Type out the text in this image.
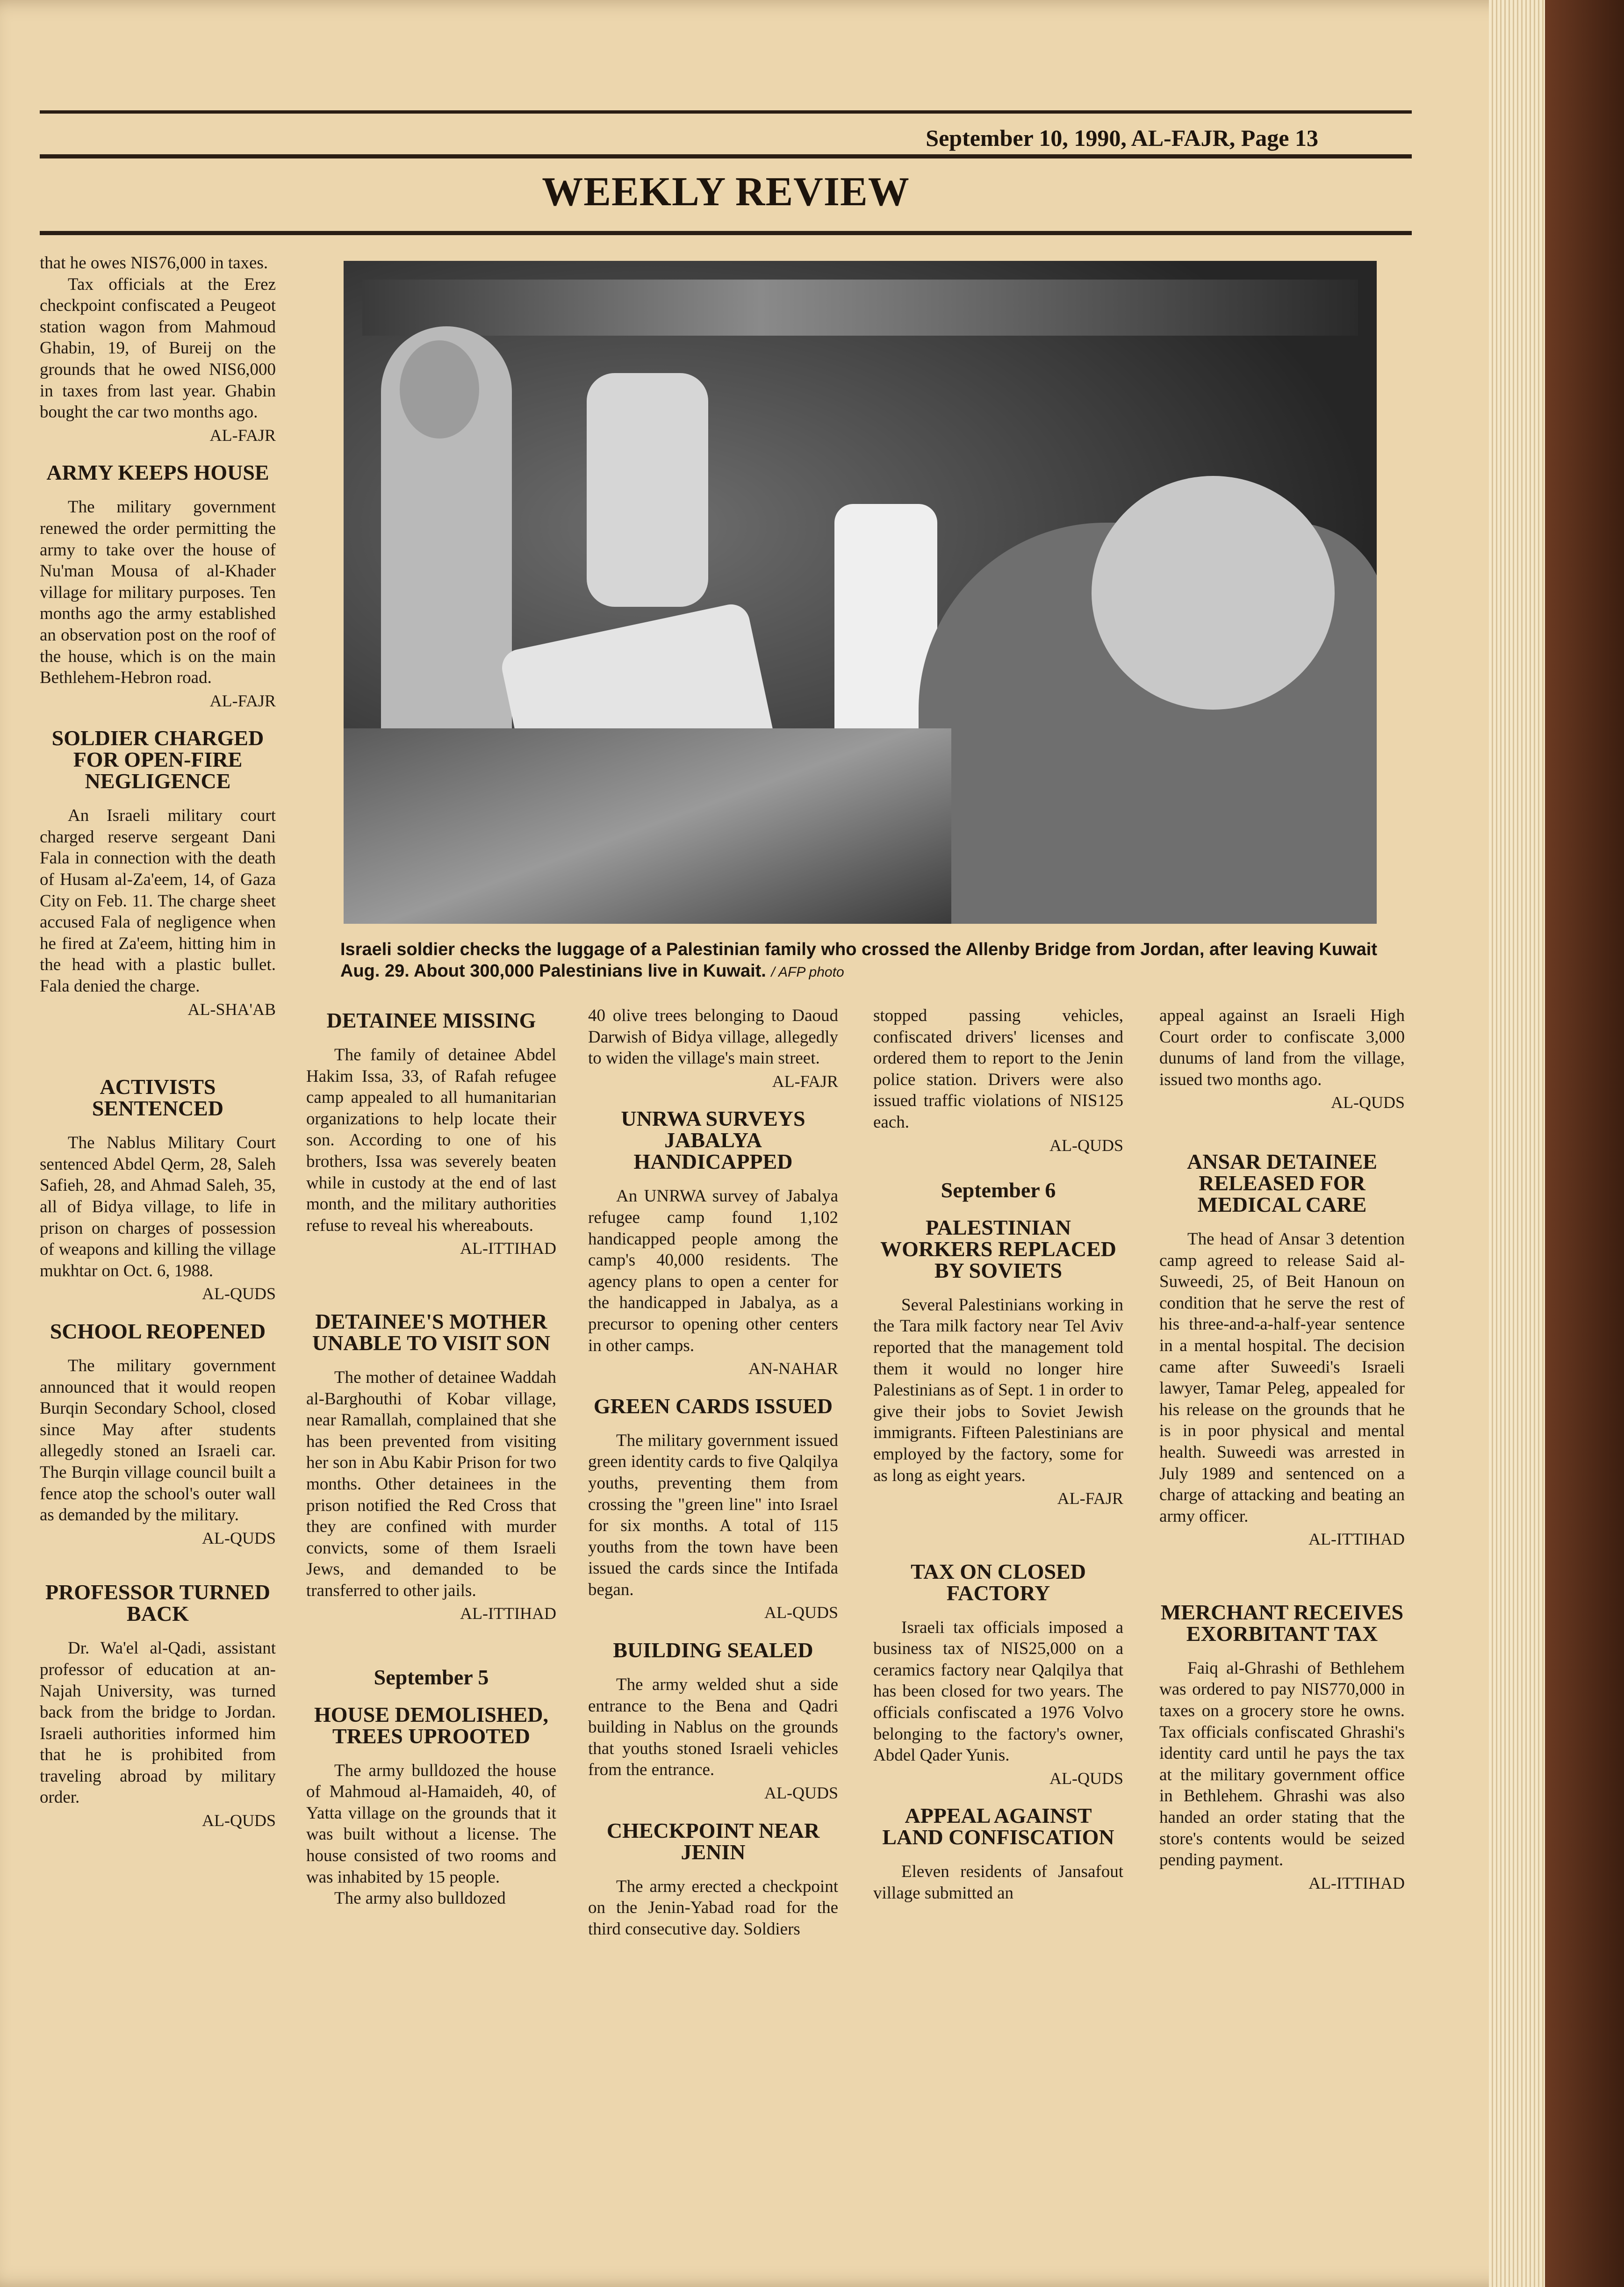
September 10, 1990, AL-FAJR, Page 13
WEEKLY REVIEW
Israeli soldier checks the luggage of a Palestinian family who crossed the Allenby Bridge from Jordan, after leaving Kuwait Aug. 29. About 300,000 Palestinians live in Kuwait. / AFP photo

that he owes NIS76,000 in taxes.

Tax officials at the Erez checkpoint confiscated a Peugeot station wagon from Mahmoud Ghabin, 19, of Bureij on the grounds that he owed NIS6,000 in taxes from last year. Ghabin bought the car two months ago.

AL-FAJR
ARMY KEEPS HOUSE

The military government renewed the order permitting the army to take over the house of Nu'man Mousa of al-Khader village for military purposes. Ten months ago the army established an observation post on the roof of the house, which is on the main Bethlehem-Hebron road.

AL-FAJR
SOLDIER CHARGED FOR OPEN-FIRE NEGLIGENCE

An Israeli military court charged reserve sergeant Dani Fala in connection with the death of Husam al-Za'eem, 14, of Gaza City on Feb. 11. The charge sheet accused Fala of negligence when he fired at Za'eem, hitting him in the head with a plastic bullet. Fala denied the charge.

AL-SHA'AB
ACTIVISTS SENTENCED

The Nablus Military Court sentenced Abdel Qerm, 28, Saleh Safieh, 28, and Ahmad Saleh, 35, all of Bidya village, to life in prison on charges of possession of weapons and killing the village mukhtar on Oct. 6, 1988.

AL-QUDS
SCHOOL REOPENED

The military government announced that it would reopen Burqin Secondary School, closed since May after students allegedly stoned an Israeli car. The Burqin village council built a fence atop the school's outer wall as demanded by the military.

AL-QUDS
PROFESSOR TURNED BACK

Dr. Wa'el al-Qadi, assistant professor of education at an-Najah University, was turned back from the bridge to Jordan. Israeli authorities informed him that he is prohibited from traveling abroad by military order.

AL-QUDS
DETAINEE MISSING

The family of detainee Abdel Hakim Issa, 33, of Rafah refugee camp appealed to all humanitarian organizations to help locate their son. According to one of his brothers, Issa was severely beaten while in custody at the end of last month, and the military authorities refuse to reveal his whereabouts.

AL-ITTIHAD
DETAINEE'S MOTHER UNABLE TO VISIT SON

The mother of detainee Waddah al-Barghouthi of Kobar village, near Ramallah, complained that she has been prevented from visiting her son in Abu Kabir Prison for two months. Other detainees in the prison notified the Red Cross that they are confined with murder convicts, some of them Israeli Jews, and demanded to be transferred to other jails.

AL-ITTIHAD
September 5
HOUSE DEMOLISHED, TREES UPROOTED

The army bulldozed the house of Mahmoud al-Hamaideh, 40, of Yatta village on the grounds that it was built without a license. The house consisted of two rooms and was inhabited by 15 people.

The army also bulldozed

40 olive trees belonging to Daoud Darwish of Bidya village, allegedly to widen the village's main street.

AL-FAJR
UNRWA SURVEYS JABALYA HANDICAPPED

An UNRWA survey of Jabalya refugee camp found 1,102 handicapped people among the camp's 40,000 residents. The agency plans to open a center for the handicapped in Jabalya, as a precursor to opening other centers in other camps.

AN-NAHAR
GREEN CARDS ISSUED

The military government issued green identity cards to five Qalqilya youths, preventing them from crossing the "green line" into Israel for six months. A total of 115 youths from the town have been issued the cards since the Intifada began.

AL-QUDS
BUILDING SEALED

The army welded shut a side entrance to the Bena and Qadri building in Nablus on the grounds that youths stoned Israeli vehicles from the entrance.

AL-QUDS
CHECKPOINT NEAR JENIN

The army erected a checkpoint on the Jenin-Yabad road for the third consecutive day. Soldiers

stopped passing vehicles, confiscated drivers' licenses and ordered them to report to the Jenin police station. Drivers were also issued traffic violations of NIS125 each.

AL-QUDS
September 6
PALESTINIAN WORKERS REPLACED BY SOVIETS

Several Palestinians working in the Tara milk factory near Tel Aviv reported that the management told them it would no longer hire Palestinians as of Sept. 1 in order to give their jobs to Soviet Jewish immigrants. Fifteen Palestinians are employed by the factory, some for as long as eight years.

AL-FAJR
TAX ON CLOSED FACTORY

Israeli tax officials imposed a business tax of NIS25,000 on a ceramics factory near Qalqilya that has been closed for two years. The officials confiscated a 1976 Volvo belonging to the factory's owner, Abdel Qader Yunis.

AL-QUDS
APPEAL AGAINST LAND CONFISCATION

Eleven residents of Jansafout village submitted an

appeal against an Israeli High Court order to confiscate 3,000 dunums of land from the village, issued two months ago.

AL-QUDS
ANSAR DETAINEE RELEASED FOR MEDICAL CARE

The head of Ansar 3 detention camp agreed to release Said al-Suweedi, 25, of Beit Hanoun on condition that he serve the rest of his three-and-a-half-year sentence in a mental hospital. The decision came after Suweedi's Israeli lawyer, Tamar Peleg, appealed for his release on the grounds that he is in poor physical and mental health. Suweedi was arrested in July 1989 and sentenced on a charge of attacking and beating an army officer.

AL-ITTIHAD
MERCHANT RECEIVES EXORBITANT TAX

Faiq al-Ghrashi of Bethlehem was ordered to pay NIS770,000 in taxes on a grocery store he owns. Tax officials confiscated Ghrashi's identity card until he pays the tax at the military government office in Bethlehem. Ghrashi was also handed an order stating that the store's contents would be seized pending payment.

AL-ITTIHAD
